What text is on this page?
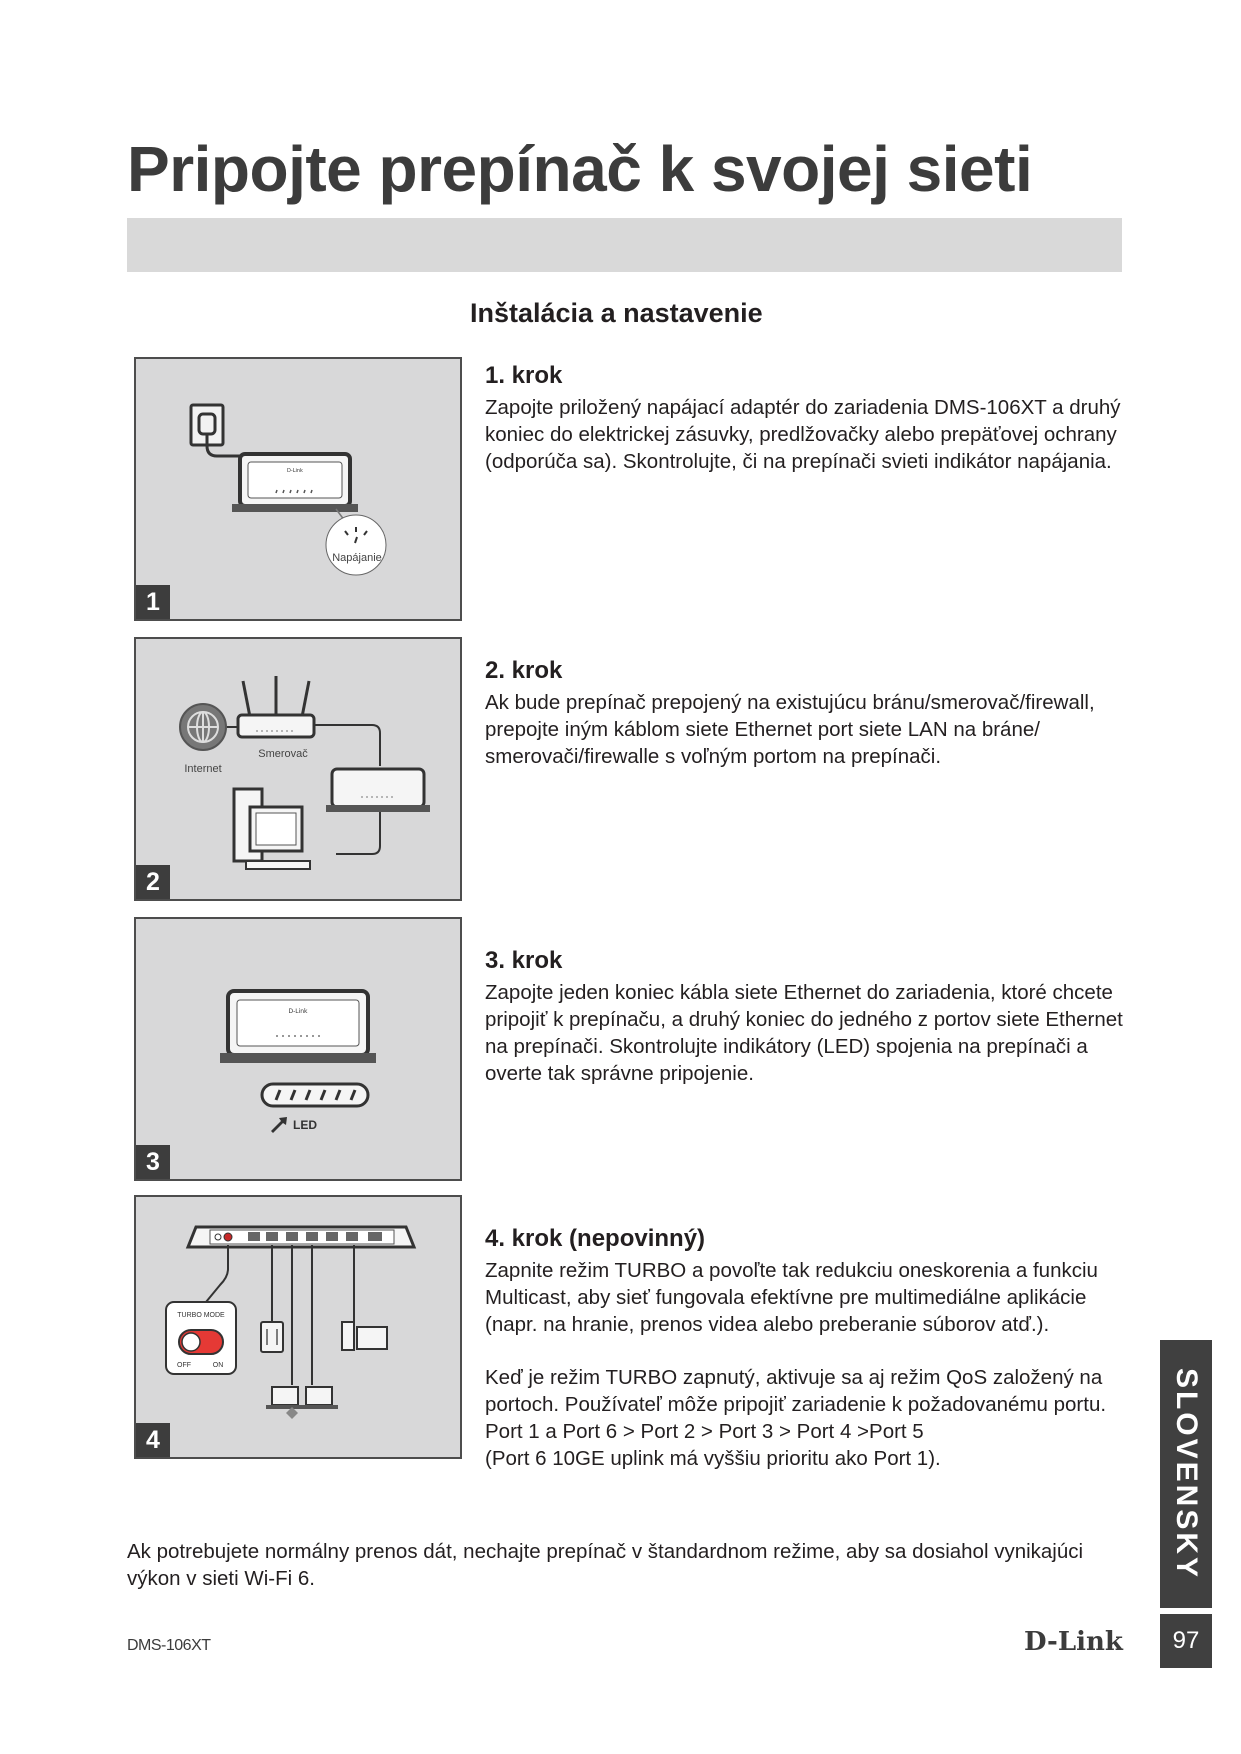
Pripojte prepínač k svojej sieti
Inštalácia a nastavenie
D-Link
Napájanie
1
1. krok

Zapojte priložený napájací adaptér do zariadenia DMS-106XT a druhý koniec do elektrickej zásuvky, predlžovačky alebo prepäťovej ochrany (odporúča sa). Skontrolujte, či na prepínači svieti indikátor napájania.

Internet
Smerovač
2
2. krok

Ak bude prepínač prepojený na existujúcu bránu/smerovač/firewall, prepojte iným káblom siete Ethernet port siete LAN na bráne/ smerovači/firewalle s voľným portom na prepínači.

D-Link
LED
3
3. krok

Zapojte jeden koniec kábla siete Ethernet do zariadenia, ktoré chcete pripojiť k prepínaču, a druhý koniec do jedného z portov siete Ethernet na prepínači. Skontrolujte indikátory (LED) spojenia na prepínači a overte tak správne pripojenie.

TURBO MODE
OFF	ON
4
4. krok (nepovinný)

Zapnite režim TURBO a povoľte tak redukciu oneskorenia a funkciu Multicast, aby sieť fungovala efektívne pre multimediálne aplikácie (napr. na hranie, prenos videa alebo preberanie súborov atď.).

Keď je režim TURBO zapnutý, aktivuje sa aj režim QoS založený na portoch. Používateľ môže pripojiť zariadenie k požadovanému portu.

Port 1 a Port 6 > Port 2 > Port 3 > Port 4 >Port 5

(Port 6 10GE uplink má vyššiu prioritu ako Port 1).

Ak potrebujete normálny prenos dát, nechajte prepínač v štandardnom režime, aby sa dosiahol vynikajúci výkon v sieti Wi-Fi 6.

DMS-106XT	D-Link
SLOVENSKY
97
